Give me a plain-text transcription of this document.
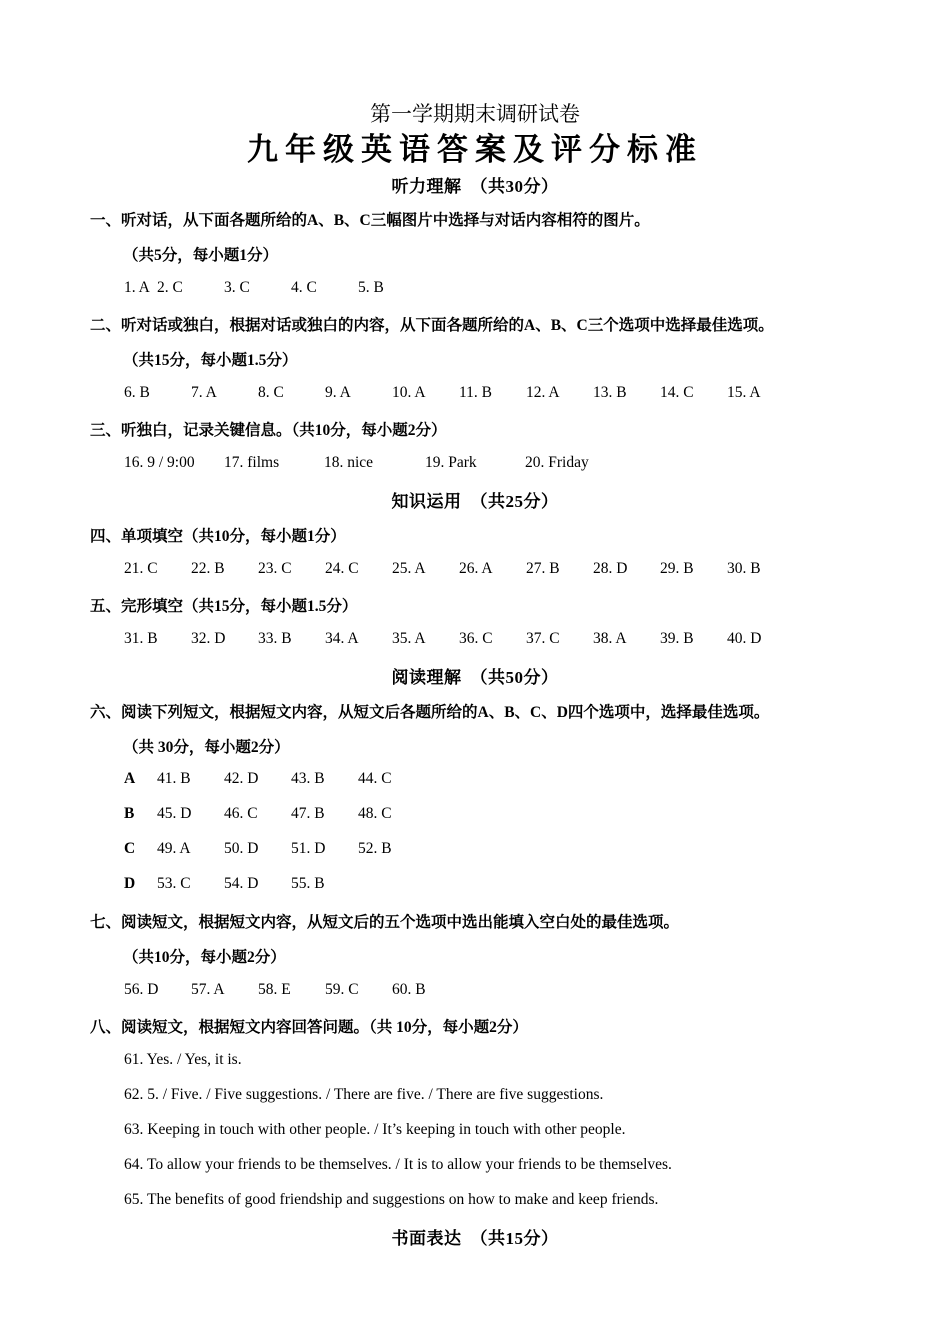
第一学期期末调研试卷
九年级英语答案及评分标准
听力理解　（共30分）
一、听对话，从下面各题所给的A、B、C三幅图片中选择与对话内容相符的图片。
（共5分，每小题1分）
1. A 2. C	3. C	4. C	5. B
二、听对话或独白，根据对话或独白的内容，从下面各题所给的A、B、C三个选项中选择最佳选项。
（共15分，每小题1.5分）
6. B	7. A	8. C	9. A	10. A 11. B 12. A 13. B 14. C 15. A
三、听独白，记录关键信息。（共10分，每小题2分）
16. 9 / 9:00 17. films	18. nice	19. Park	20. Friday
知识运用　（共25分）
四、单项填空（共10分，每小题1分）
21. C 22. B 23. C 24. C 25. A 26. A 27. B 28. D 29. B 30. B
五、完形填空（共15分，每小题1.5分）
31. B 32. D 33. B 34. A 35. A 36. C 37. C 38. A 39. B 40. D
阅读理解　（共50分）
六、阅读下列短文，根据短文内容，从短文后各题所给的A、B、C、D四个选项中，选择最佳选项。
（共 30分，每小题2分）
A 41. B 42. D 43. B 44. C
B 45. D 46. C 47. B 48. C
C 49. A 50. D 51. D 52. B
D 53. C 54. D 55. B
七、阅读短文，根据短文内容，从短文后的五个选项中选出能填入空白处的最佳选项。
（共10分，每小题2分）
56. D 57. A 58. E 59. C 60. B
八、阅读短文，根据短文内容回答问题。（共 10分，每小题2分）
61. Yes. / Yes, it is.
62. 5. / Five. / Five suggestions. / There are five. / There are five suggestions.
63. Keeping in touch with other people. / It’s keeping in touch with other people.
64. To allow your friends to be themselves. / It is to allow your friends to be themselves.
65. The benefits of good friendship and suggestions on how to make and keep friends.
书面表达　（共15分）
